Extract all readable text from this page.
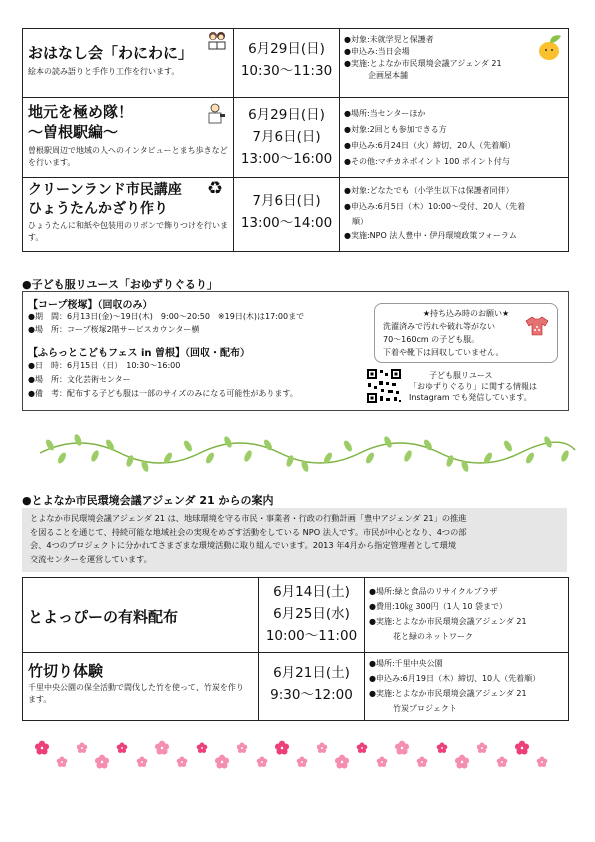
おはなし会「わにわに」
絵本の読み語りと手作り工作を行います。
6月29日(日)
10:30〜11:30
●対象:未就学児と保護者
●申込み:当日会場
●実施:とよなか市民環境会議アジェンダ 21
　　　企画屋本舗
地元を極め隊！
〜曽根駅編〜
曽根駅周辺で地域の人へのインタビューとまち歩きなどを行います。
6月29日(日)
7月6日(日)
13:00〜16:00
●場所:当センターほか
●対象:2回とも参加できる方
●申込み:6月24日（火）締切、20人（先着順）
●その他:マチカネポイント 100 ポイント付与
クリーンランド市民講座
ひょうたんかざり作り
ひょうたんに和紙や包装用のリボンで飾りつけを行います。
♻
7月6日(日)
13:00〜14:00
●対象:どなたでも（小学生以下は保護者同伴）
●申込み:6月5日（木）10:00〜受付、20人（先着
　順）
●実施:NPO 法人豊中・伊丹環境政策フォーラム
●子ども服リユース「おゆずりぐるり」
【コープ桜塚】（回収のみ）
●期　間：6月13日(金)〜19日(木)　9:00〜20:50　※19日(木)は17:00まで
●場　所：コープ桜塚2階サービスカウンター横
【ふらっとこどもフェス in 曽根】（回収・配布）
●日　時：6月15日（日）　10:30〜16:00
●場　所：文化芸術センター
●備　考：配布する子ども服は一部のサイズのみになる可能性があります。
★持ち込み時のお願い★
洗濯済みで汚れや破れ等がない
70〜160cm の子ども服。
下着や靴下は回収していません。
子ども服リユース
「おゆずりぐるり」に関する情報は
Instagram でも発信しています。
●とよなか市民環境会議アジェンダ 21 からの案内
とよなか市民環境会議アジェンダ 21 は、地球環境を守る市民・事業者・行政の行動計画「豊中アジェンダ 21」の推進
を図ることを通じて、持続可能な地域社会の実現をめざす活動をしている NPO 法人です。市民が中心となり、4つの部
会、4つのプロジェクトに分かれてさまざまな環境活動に取り組んでいます。2013 年4月から指定管理者として環境
交流センターを運営しています。
とよっぴーの有料配布
6月14日(土)
6月25日(水)
10:00〜11:00
●場所:緑と食品のリサイクルプラザ
●費用:10㎏ 300円（1人 10 袋まで）
●実施:とよなか市民環境会議アジェンダ 21
　　　花と緑のネットワーク
竹切り体験
千里中央公園の保全活動で間伐した竹を使って、竹炭を作ります。
6月21日(土)
9:30〜12:00
●場所:千里中央公園
●申込み:6月19日（木）締切、10人（先着順）
●実施:とよなか市民環境会議アジェンダ 21
　　　竹炭プロジェクト
